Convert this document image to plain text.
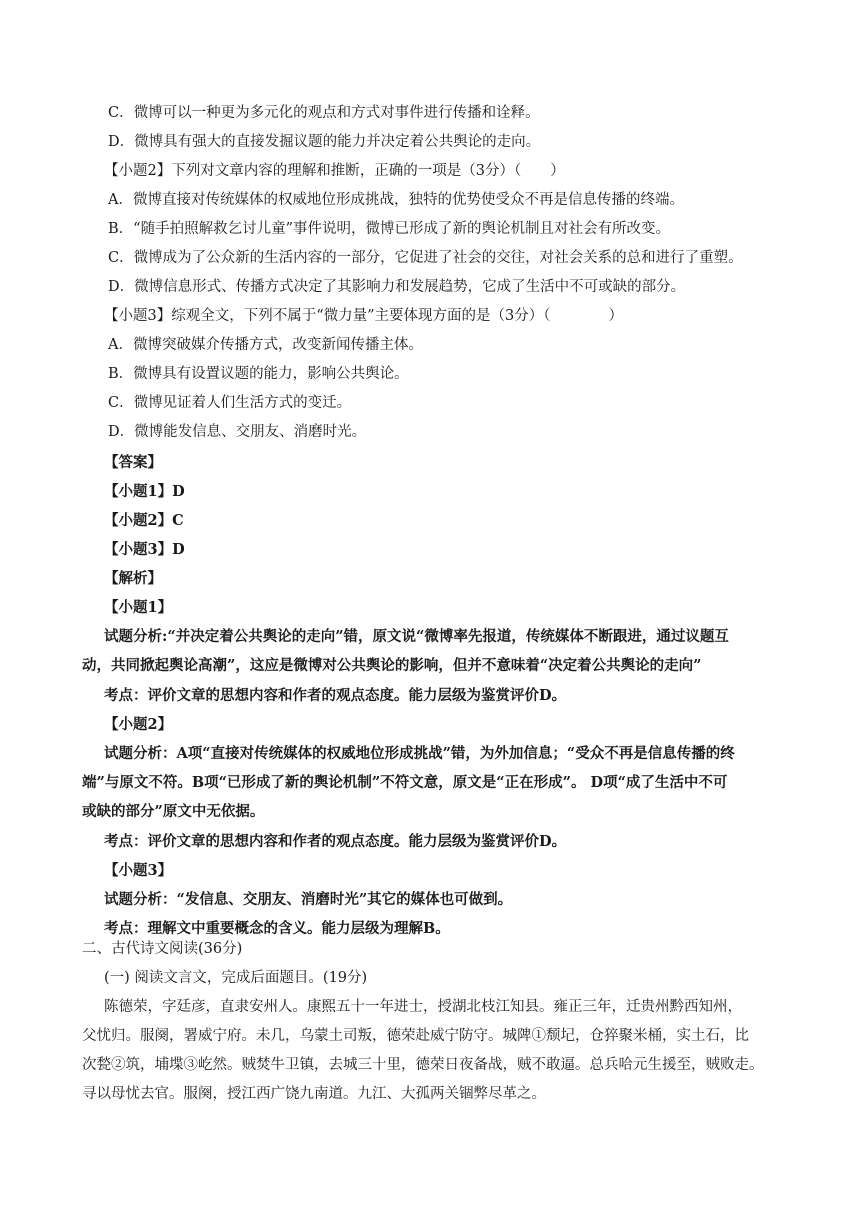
C．微博可以一种更为多元化的观点和方式对事件进行传播和诠释。
D．微博具有强大的直接发掘议题的能力并决定着公共舆论的走向。
【小题2】下列对文章内容的理解和推断，正确的一项是（3分）（　　）
A．微博直接对传统媒体的权威地位形成挑战，独特的优势使受众不再是信息传播的终端。
B．“随手拍照解救乞讨儿童”事件说明，微博已形成了新的舆论机制且对社会有所改变。
C．微博成为了公众新的生活内容的一部分，它促进了社会的交往，对社会关系的总和进行了重塑。
D．微博信息形式、传播方式决定了其影响力和发展趋势，它成了生活中不可或缺的部分。
【小题3】综观全文，下列不属于“微力量”主要体现方面的是（3分）（　　　　）
A．微博突破媒介传播方式，改变新闻传播主体。
B．微博具有设置议题的能力，影响公共舆论。
C．微博见证着人们生活方式的变迁。
D．微博能发信息、交朋友、消磨时光。
【答案】
【小题1】D
【小题2】C
【小题3】D
【解析】
【小题1】
试题分析:“并决定着公共舆论的走向”错，原文说“微博率先报道，传统媒体不断跟进，通过议题互
动，共同掀起舆论高潮”，这应是微博对公共舆论的影响，但并不意味着“决定着公共舆论的走向”
考点：评价文章的思想内容和作者的观点态度。能力层级为鉴赏评价D。
【小题2】
试题分析：A项“直接对传统媒体的权威地位形成挑战”错，为外加信息；“受众不再是信息传播的终
端”与原文不符。B项“已形成了新的舆论机制”不符文意，原文是“正在形成”。 D项“成了生活中不可
或缺的部分”原文中无依据。
考点：评价文章的思想内容和作者的观点态度。能力层级为鉴赏评价D。
【小题3】
试题分析：“发信息、交朋友、消磨时光”其它的媒体也可做到。
考点：理解文中重要概念的含义。能力层级为理解B。
二、古代诗文阅读(36分)
(一) 阅读文言文，完成后面题目。(19分)
陈德荣，字廷彦，直隶安州人。康熙五十一年进士，授湖北枝江知县。雍正三年，迁贵州黔西知州，
父忧归。服阕，署威宁府。未几，乌蒙土司叛，德荣赴威宁防守。城陴①颓圮，仓猝聚米桶，实土石，比
次甃②筑，埔堞③屹然。贼焚牛卫镇，去城三十里，德荣日夜备战，贼不敢逼。总兵哈元生援至，贼败走。
寻以母忧去官。服阕，授江西广饶九南道。九江、大孤两关锢弊尽革之。
